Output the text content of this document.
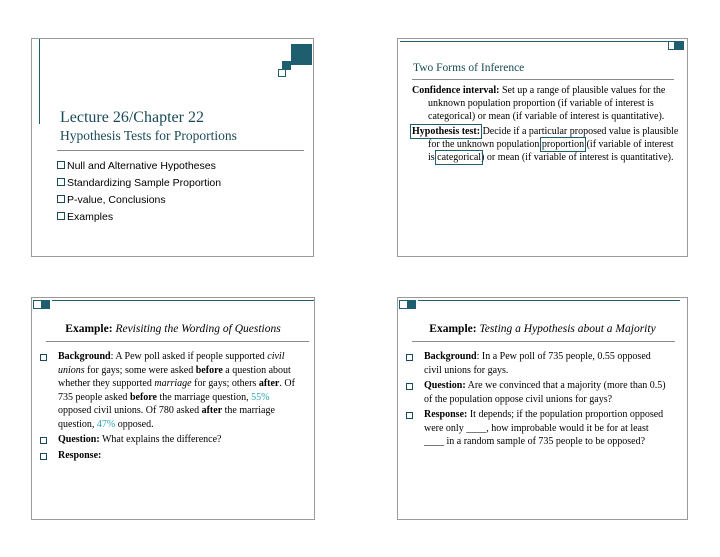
Lecture 26/Chapter 22
Hypothesis Tests for Proportions
Null and Alternative Hypotheses
Standardizing Sample Proportion
P-value, Conclusions
Examples
Two Forms of Inference
Confidence interval: Set up a range of plausible values for the unknown population proportion (if variable of interest is categorical) or mean (if variable of interest is quantitative).
Hypothesis test: Decide if a particular proposed value is plausible for the unknown population proportion (if variable of interest is categorical) or mean (if variable of interest is quantitative).
Example: Revisiting the Wording of Questions
Background: A Pew poll asked if people supported civil unions for gays; some were asked before a question about whether they supported marriage for gays; others after. Of 735 people asked before the marriage question, 55% opposed civil unions. Of 780 asked after the marriage question, 47% opposed.
Question: What explains the difference?
Response:
Example: Testing a Hypothesis about a Majority
Background: In a Pew poll of 735 people, 0.55 opposed civil unions for gays.
Question: Are we convinced that a majority (more than 0.5) of the population oppose civil unions for gays?
Response: It depends; if the population proportion opposed were only ____, how improbable would it be for at least ____ in a random sample of 735 people to be opposed?
